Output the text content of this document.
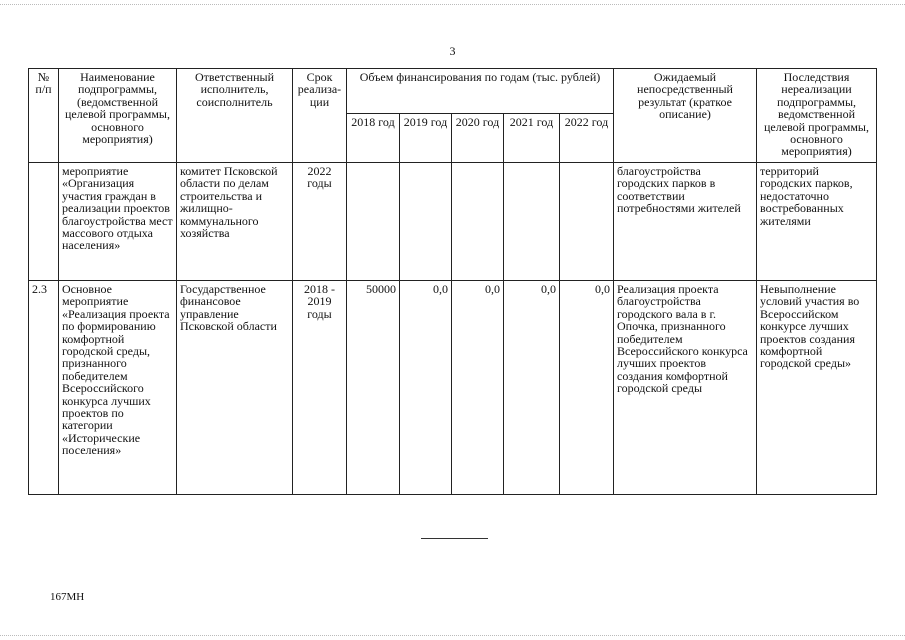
3
№ п/п	Наименование подпрограммы, (ведомственной целевой программы, основного мероприятия)	Ответственный исполнитель, соисполнитель	Срок реализа-ции	Объем финансирования по годам (тыс. рублей)					Ожидаемый непосредственный результат (краткое описание)	Последствия нереализации подпрограммы, ведомственной целевой программы, основного мероприятия)

				2018 год	2019 год	2020 год	2021 год	2022 год		
	мероприятие «Организация участия граждан в реализации проектов благоустройства мест массового отдыха населения»	комитет Псковской области по делам строительства и жилищно-коммунального хозяйства	2022 годы						благоустройства городских парков в соответствии потребностями жителей	территорий городских парков, недостаточно востребованных жителями
2.3	Основное мероприятие «Реализация проекта по формированию комфортной городской среды, признанного победителем Всероссийского конкурса лучших проектов по категории «Исторические поселения»	Государственное финансовое управление Псковской области	2018 - 2019 годы	50000	0,0	0,0	0,0	0,0	Реализация проекта благоустройства городского вала в г. Опочка, признанного победителем Всероссийского конкурса лучших проектов создания комфортной городской среды	Невыполнение условий участия во Всероссийском конкурсе лучших проектов создания комфортной городской среды»
167МН
